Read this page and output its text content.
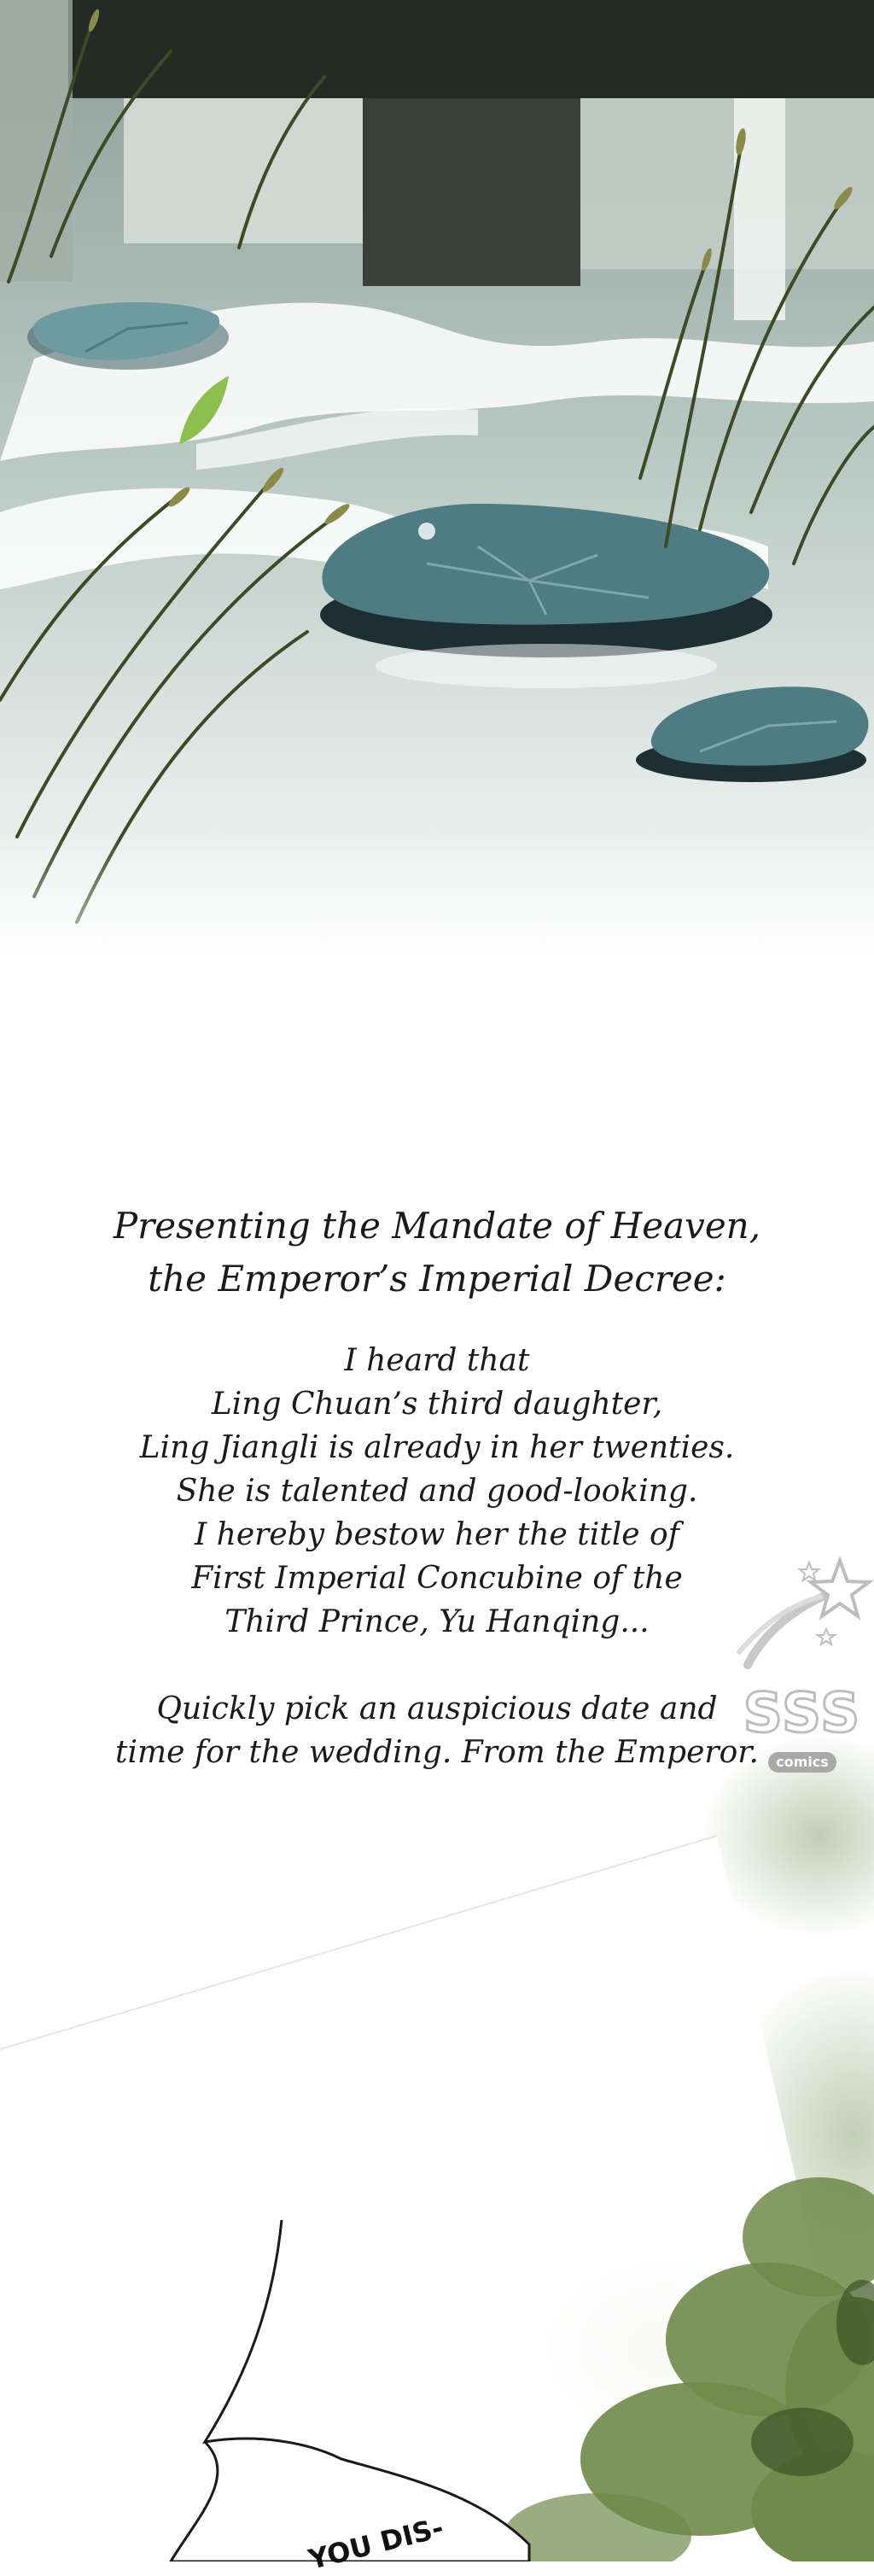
Presenting the Mandate of Heaven,
the Emperor’s Imperial Decree:
I heard that
Ling Chuan’s third daughter,
Ling Jiangli is already in her twenties.
She is talented and good-looking.
I hereby bestow her the title of
First Imperial Concubine of the
Third Prince, Yu Hanqing...
Quickly pick an auspicious date and
time for the wedding. From the Emperor.
SSS
comics
YOU DIS-
